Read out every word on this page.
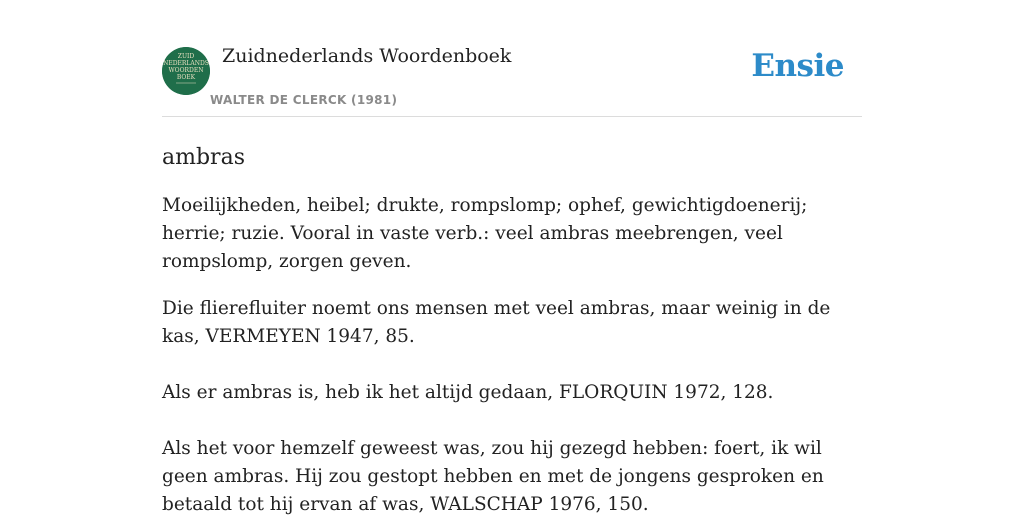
ZUID
NEDERLANDS
WOORDEN
BOEK
Zuidnederlands Woordenboek
WALTER DE CLERCK (1981)
Ensie
ambras

Moeilijkheden, heibel; drukte, rompslomp; ophef, gewichtigdoenerij; herrie; ruzie. Vooral in vaste verb.: veel ambras meebrengen, veel rompslomp, zorgen geven.

Die flierefluiter noemt ons mensen met veel ambras, maar weinig in de kas, VERMEYEN 1947, 85.

Als er ambras is, heb ik het altijd gedaan, FLORQUIN 1972, 128.

Als het voor hemzelf geweest was, zou hij gezegd hebben: foert, ik wil geen ambras. Hij zou gestopt hebben en met de jongens gesproken en betaald tot hij ervan af was, WALSCHAP 1976, 150.
